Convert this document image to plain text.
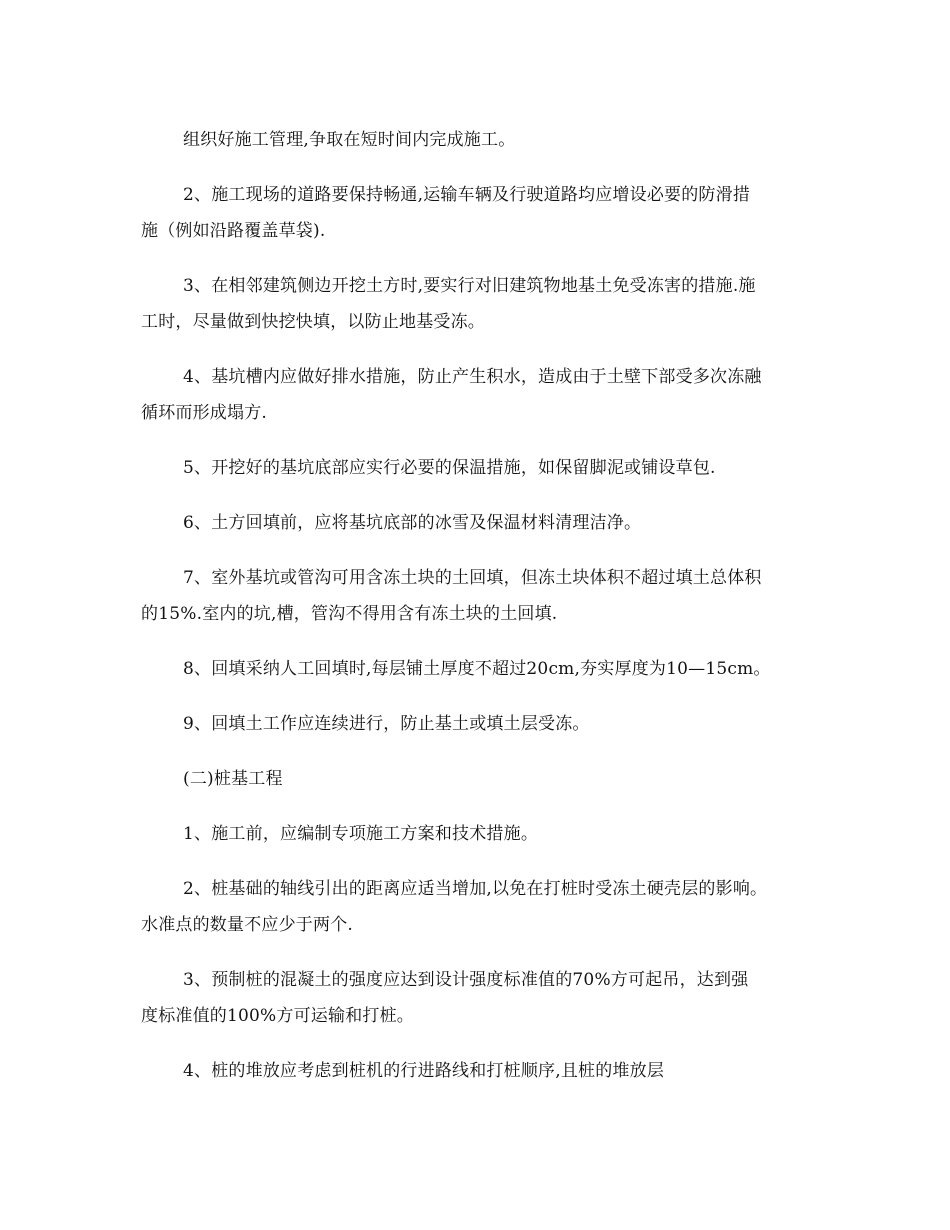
组织好施工管理,争取在短时间内完成施工。
2、施工现场的道路要保持畅通,运输车辆及行驶道路均应增设必要的防滑措
施（例如沿路覆盖草袋).
3、在相邻建筑侧边开挖土方时,要实行对旧建筑物地基土免受冻害的措施.施
工时，尽量做到快挖快填，以防止地基受冻。
4、基坑槽内应做好排水措施，防止产生积水，造成由于土壁下部受多次冻融
循环而形成塌方.
5、开挖好的基坑底部应实行必要的保温措施，如保留脚泥或铺设草包.
6、土方回填前，应将基坑底部的冰雪及保温材料清理洁净。
7、室外基坑或管沟可用含冻土块的土回填，但冻土块体积不超过填土总体积
的15%.室内的坑,槽，管沟不得用含有冻土块的土回填.
8、回填采纳人工回填时,每层铺土厚度不超过20cm,夯实厚度为10—15cm。
9、回填土工作应连续进行，防止基土或填土层受冻。
(二)桩基工程
1、施工前，应编制专项施工方案和技术措施。
2、桩基础的轴线引出的距离应适当增加,以免在打桩时受冻土硬壳层的影响。
水准点的数量不应少于两个.
3、预制桩的混凝土的强度应达到设计强度标准值的70%方可起吊，达到强
度标准值的100%方可运输和打桩。
4、桩的堆放应考虑到桩机的行进路线和打桩顺序,且桩的堆放层
